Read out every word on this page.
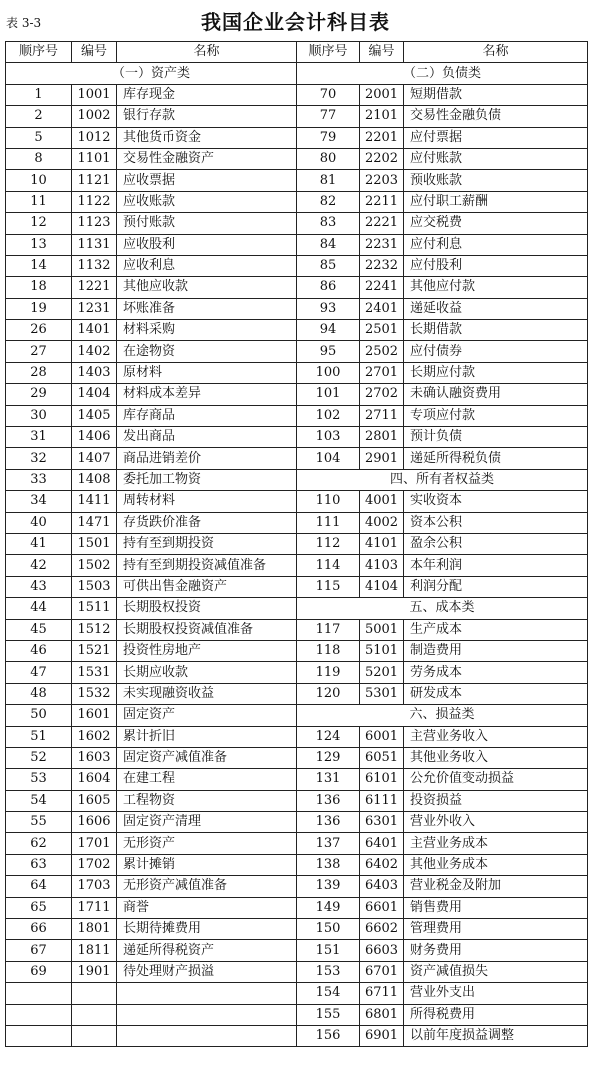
表 3-3	我国企业会计科目表
顺序号	编号	名称	顺序号	编号	名称
（一）资产类			（二）负债类		
1	1001	库存现金	70	2001	短期借款
2	1002	银行存款	77	2101	交易性金融负债
5	1012	其他货币资金	79	2201	应付票据
8	1101	交易性金融资产	80	2202	应付账款
10	1121	应收票据	81	2203	预收账款
11	1122	应收账款	82	2211	应付职工薪酬
12	1123	预付账款	83	2221	应交税费
13	1131	应收股利	84	2231	应付利息
14	1132	应收利息	85	2232	应付股利
18	1221	其他应收款	86	2241	其他应付款
19	1231	坏账准备	93	2401	递延收益
26	1401	材料采购	94	2501	长期借款
27	1402	在途物资	95	2502	应付债券
28	1403	原材料	100	2701	长期应付款
29	1404	材料成本差异	101	2702	未确认融资费用
30	1405	库存商品	102	2711	专项应付款
31	1406	发出商品	103	2801	预计负债
32	1407	商品进销差价	104	2901	递延所得税负债
33	1408	委托加工物资	四、所有者权益类		
34	1411	周转材料	110	4001	实收资本
40	1471	存货跌价准备	111	4002	资本公积
41	1501	持有至到期投资	112	4101	盈余公积
42	1502	持有至到期投资减值准备	114	4103	本年利润
43	1503	可供出售金融资产	115	4104	利润分配
44	1511	长期股权投资	五、成本类		
45	1512	长期股权投资减值准备	117	5001	生产成本
46	1521	投资性房地产	118	5101	制造费用
47	1531	长期应收款	119	5201	劳务成本
48	1532	未实现融资收益	120	5301	研发成本
50	1601	固定资产	六、损益类		
51	1602	累计折旧	124	6001	主营业务收入
52	1603	固定资产减值准备	129	6051	其他业务收入
53	1604	在建工程	131	6101	公允价值变动损益
54	1605	工程物资	136	6111	投资损益
55	1606	固定资产清理	136	6301	营业外收入
62	1701	无形资产	137	6401	主营业务成本
63	1702	累计摊销	138	6402	其他业务成本
64	1703	无形资产减值准备	139	6403	营业税金及附加
65	1711	商誉	149	6601	销售费用
66	1801	长期待摊费用	150	6602	管理费用
67	1811	递延所得税资产	151	6603	财务费用
69	1901	待处理财产损溢	153	6701	资产减值损失
			154	6711	营业外支出
			155	6801	所得税费用
			156	6901	以前年度损益调整
